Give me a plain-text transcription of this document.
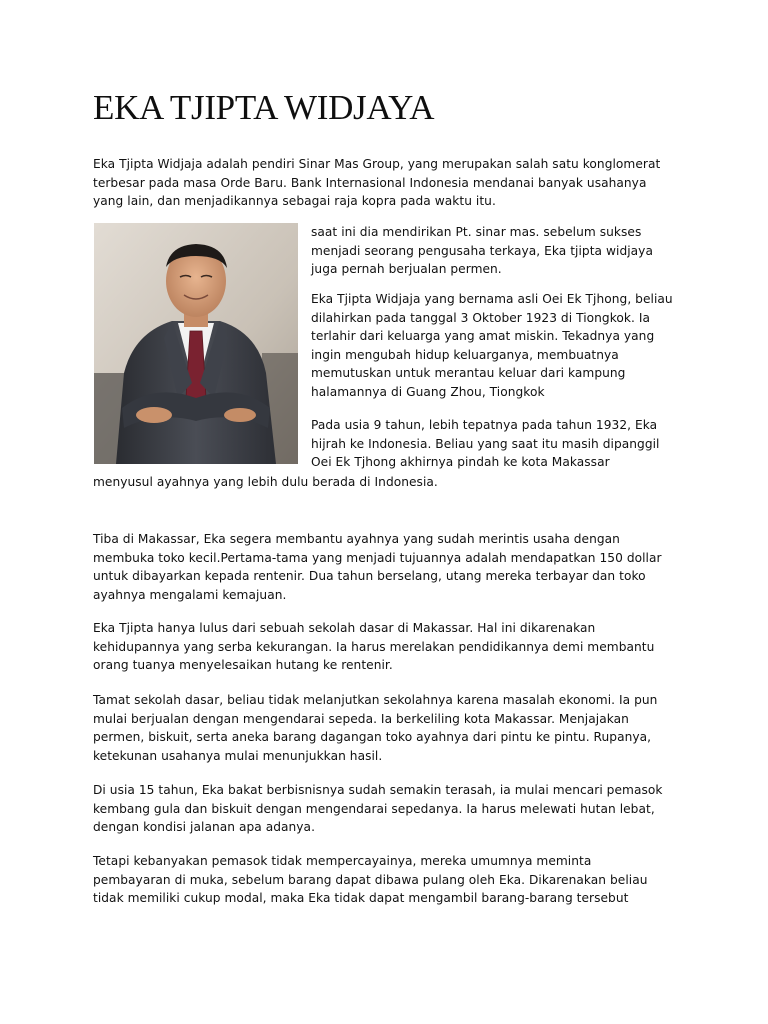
EKA TJIPTA WIDJAYA

Eka Tjipta Widjaja adalah pendiri Sinar Mas Group, yang merupakan salah satu konglomerat
terbesar pada masa Orde Baru. Bank Internasional Indonesia mendanai banyak usahanya
yang lain, dan menjadikannya sebagai raja kopra pada waktu itu.

saat ini dia mendirikan Pt. sinar mas. sebelum sukses
menjadi seorang pengusaha terkaya, Eka tjipta widjaya
juga pernah berjualan permen.

Eka Tjipta Widjaja yang bernama asli Oei Ek Tjhong, beliau
dilahirkan pada tanggal 3 Oktober 1923 di Tiongkok. Ia
terlahir dari keluarga yang amat miskin. Tekadnya yang
ingin mengubah hidup keluarganya, membuatnya
memutuskan untuk merantau keluar dari kampung
halamannya di Guang Zhou, Tiongkok

Pada usia 9 tahun, lebih tepatnya pada tahun 1932, Eka
hijrah ke Indonesia. Beliau yang saat itu masih dipanggil
Oei Ek Tjhong akhirnya pindah ke kota Makassar

menyusul ayahnya yang lebih dulu berada di Indonesia.

Tiba di Makassar, Eka segera membantu ayahnya yang sudah merintis usaha dengan
membuka toko kecil.Pertama-tama yang menjadi tujuannya adalah mendapatkan 150 dollar
untuk dibayarkan kepada rentenir. Dua tahun berselang, utang mereka terbayar dan toko
ayahnya mengalami kemajuan.

Eka Tjipta hanya lulus dari sebuah sekolah dasar di Makassar. Hal ini dikarenakan
kehidupannya yang serba kekurangan. Ia harus merelakan pendidikannya demi membantu
orang tuanya menyelesaikan hutang ke rentenir.

Tamat sekolah dasar, beliau tidak melanjutkan sekolahnya karena masalah ekonomi. Ia pun
mulai berjualan dengan mengendarai sepeda. Ia berkeliling kota Makassar. Menjajakan
permen, biskuit, serta aneka barang dagangan toko ayahnya dari pintu ke pintu. Rupanya,
ketekunan usahanya mulai menunjukkan hasil.

Di usia 15 tahun, Eka bakat berbisnisnya sudah semakin terasah, ia mulai mencari pemasok
kembang gula dan biskuit dengan mengendarai sepedanya. Ia harus melewati hutan lebat,
dengan kondisi jalanan apa adanya.

Tetapi kebanyakan pemasok tidak mempercayainya, mereka umumnya meminta
pembayaran di muka, sebelum barang dapat dibawa pulang oleh Eka. Dikarenakan beliau
tidak memiliki cukup modal, maka Eka tidak dapat mengambil barang-barang tersebut
